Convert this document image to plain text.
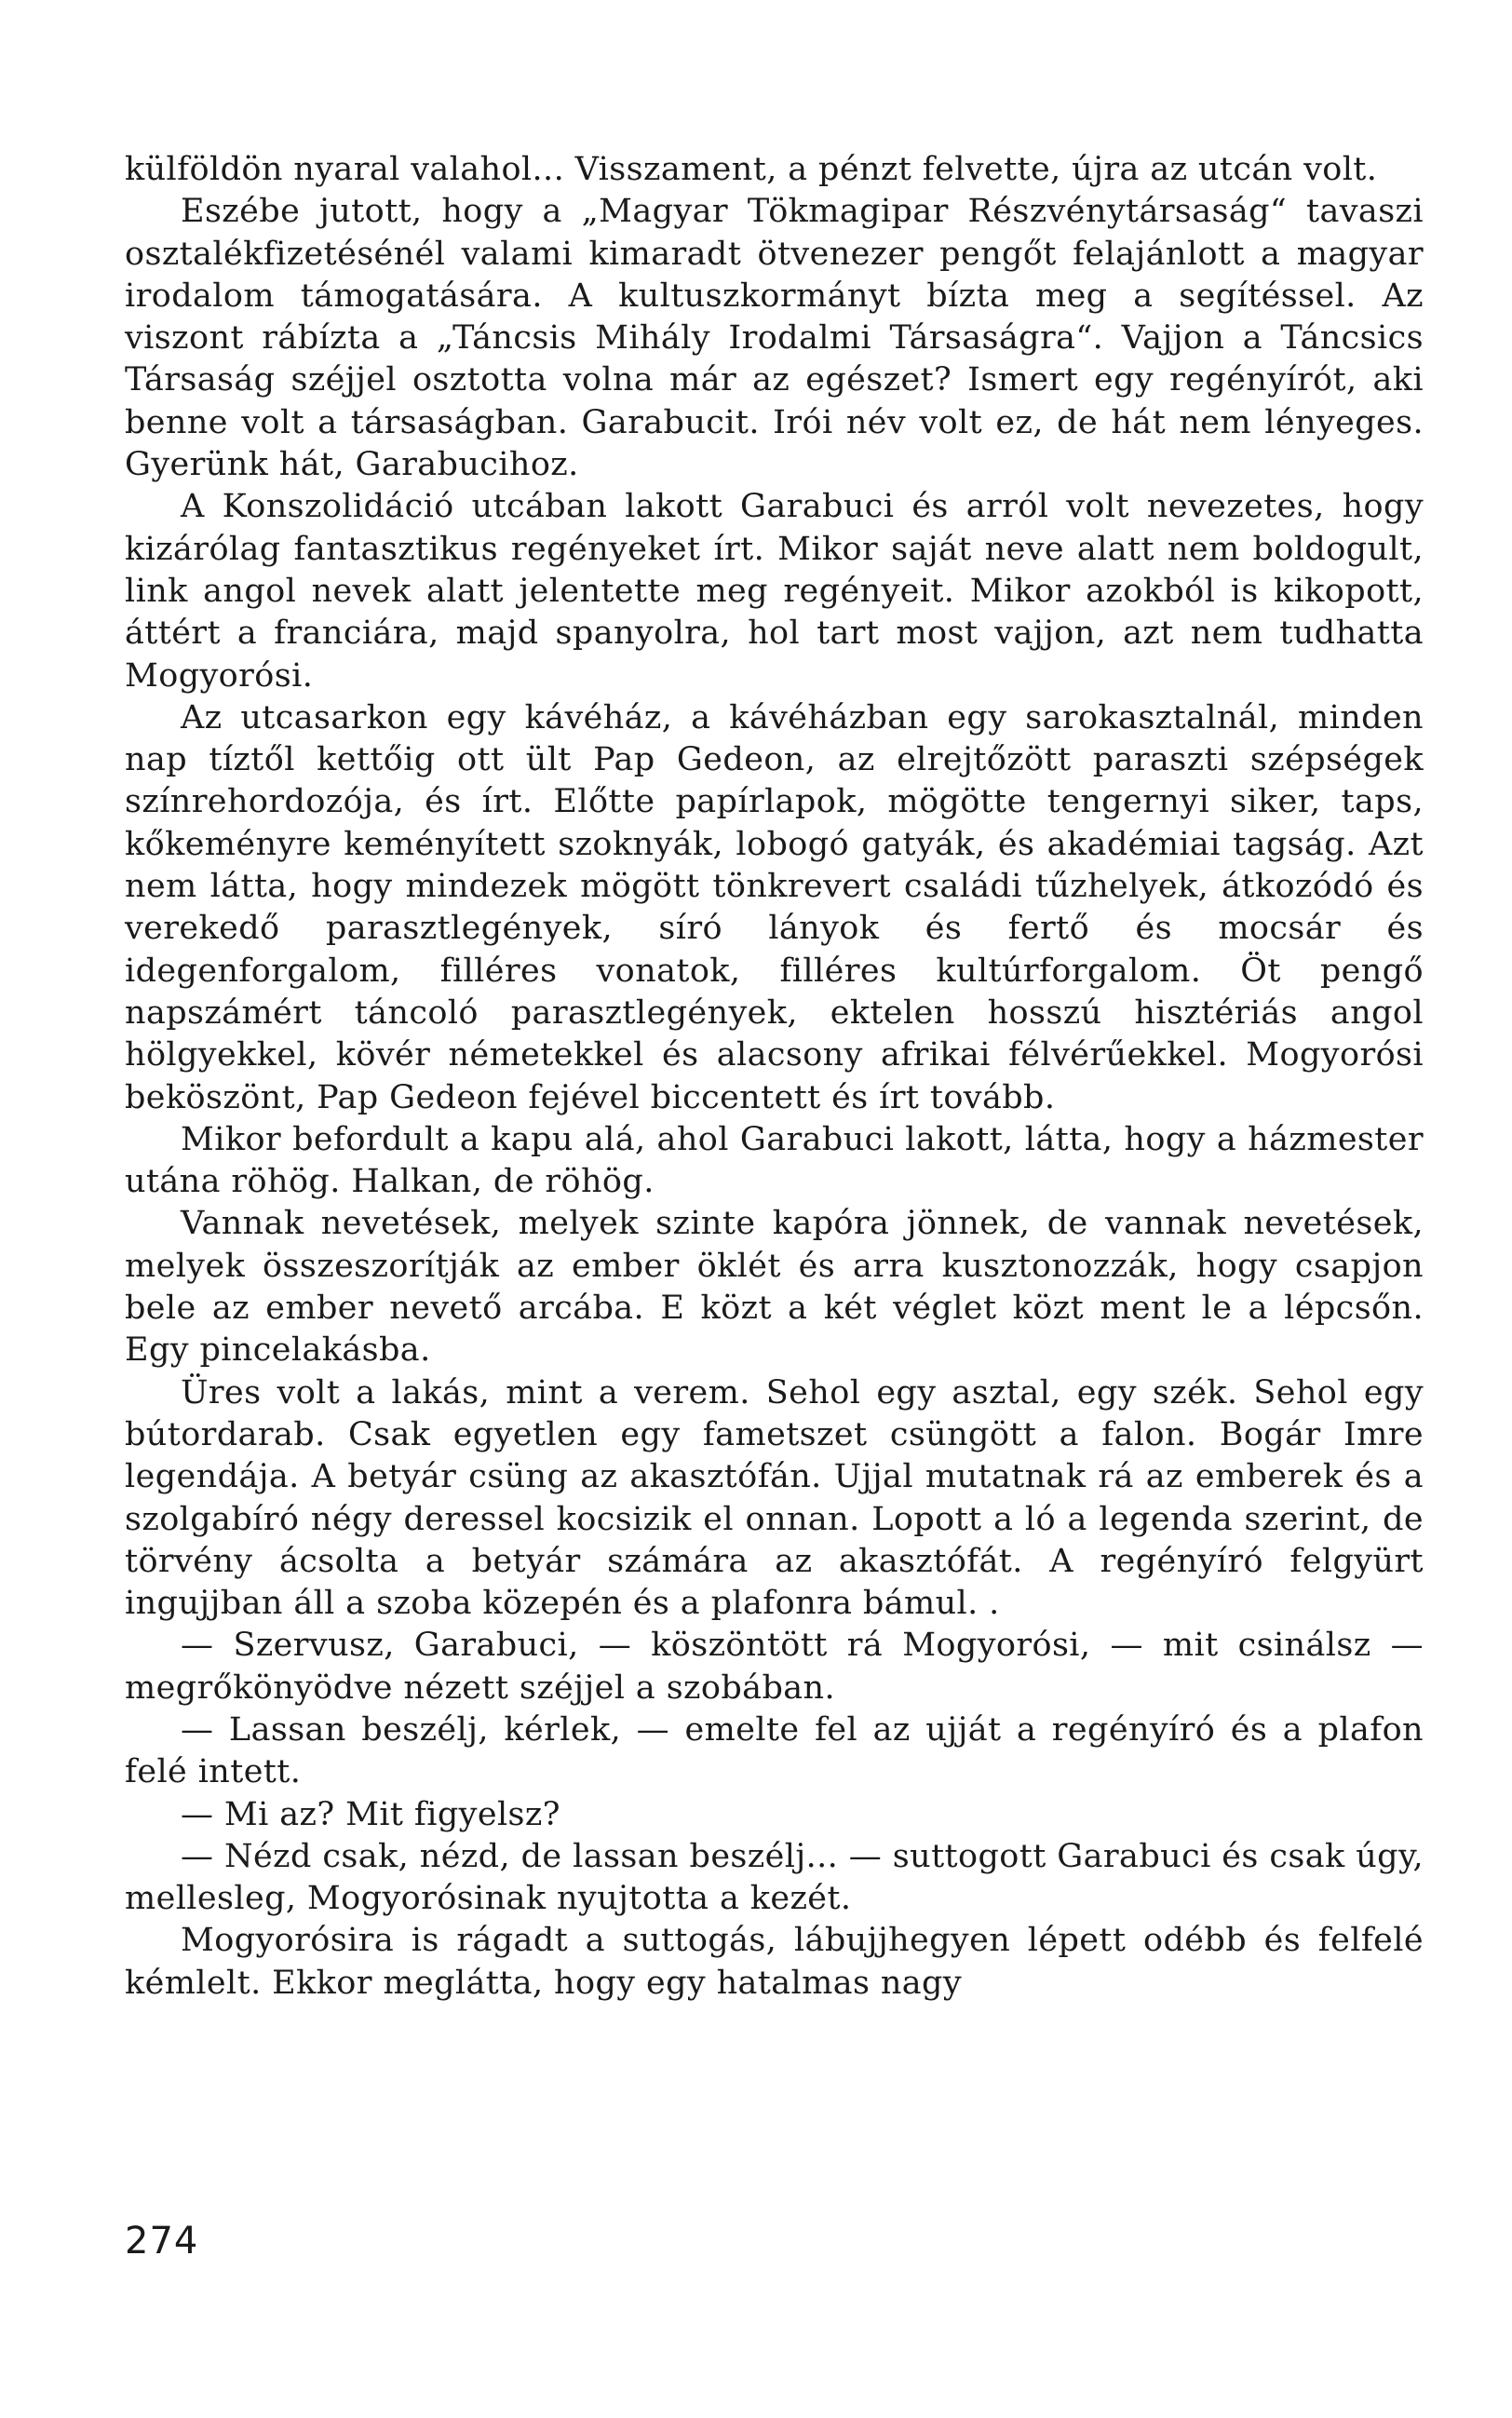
külföldön nyaral valahol... Visszament, a pénzt felvette, újra az utcán volt.

Eszébe jutott, hogy a „Magyar Tökmagipar Részvénytársaság“ tavaszi osztalékfizetésénél valami kimaradt ötvenezer pengőt felajánlott a magyar irodalom támogatására. A kultuszkormányt bízta meg a segítéssel. Az viszont rábízta a „Táncsis Mihály Irodalmi Társaságra“. Vajjon a Táncsics Társaság széjjel osztotta volna már az egészet? Ismert egy regényírót, aki benne volt a társaságban. Garabucit. Irói név volt ez, de hát nem lényeges. Gyerünk hát, Garabucihoz.

A Konszolidáció utcában lakott Garabuci és arról volt nevezetes, hogy kizárólag fantasztikus regényeket írt. Mikor saját neve alatt nem boldogult, link angol nevek alatt jelentette meg regényeit. Mikor azokból is kikopott, áttért a franciára, majd spanyolra, hol tart most vajjon, azt nem tudhatta Mogyorósi.

Az utcasarkon egy kávéház, a kávéházban egy sarokasztalnál, minden nap tíztől kettőig ott ült Pap Gedeon, az elrejtőzött paraszti szépségek színrehordozója, és írt. Előtte papírlapok, mögötte tengernyi siker, taps, kőkeményre keményített szoknyák, lobogó gatyák, és akadémiai tagság. Azt nem látta, hogy mindezek mögött tönkrevert családi tűzhelyek, átkozódó és verekedő parasztlegények, síró lányok és fertő és mocsár és idegenforgalom, filléres vonatok, filléres kultúrforgalom. Öt pengő napszámért táncoló parasztlegények, ektelen hosszú hisztériás angol hölgyekkel, kövér németekkel és alacsony afrikai félvérűekkel. Mogyorósi beköszönt, Pap Gedeon fejével biccentett és írt tovább.

Mikor befordult a kapu alá, ahol Garabuci lakott, látta, hogy a házmester utána röhög. Halkan, de röhög.

Vannak nevetések, melyek szinte kapóra jönnek, de vannak nevetések, melyek összeszorítják az ember öklét és arra kusztonozzák, hogy csapjon bele az ember nevető arcába. E közt a két véglet közt ment le a lépcsőn. Egy pincelakásba.

Üres volt a lakás, mint a verem. Sehol egy asztal, egy szék. Sehol egy bútordarab. Csak egyetlen egy fametszet csüngött a falon. Bogár Imre legendája. A betyár csüng az akasztófán. Ujjal mutatnak rá az emberek és a szolgabíró négy deressel kocsizik el onnan. Lopott a ló a legenda szerint, de törvény ácsolta a betyár számára az akasztófát. A regényíró felgyürt ingujjban áll a szoba közepén és a plafonra bámul. .

— Szervusz, Garabuci, — köszöntött rá Mogyorósi, — mit csinálsz — megrőkönyödve nézett széjjel a szobában.

— Lassan beszélj, kérlek, — emelte fel az ujját a regényíró és a plafon felé intett.

— Mi az? Mit figyelsz?

— Nézd csak, nézd, de lassan beszélj... — suttogott Garabuci és csak úgy, mellesleg, Mogyorósinak nyujtotta a kezét.

Mogyorósira is rágadt a suttogás, lábujjhegyen lépett odébb és felfelé kémlelt. Ekkor meglátta, hogy egy hatalmas nagy

274
